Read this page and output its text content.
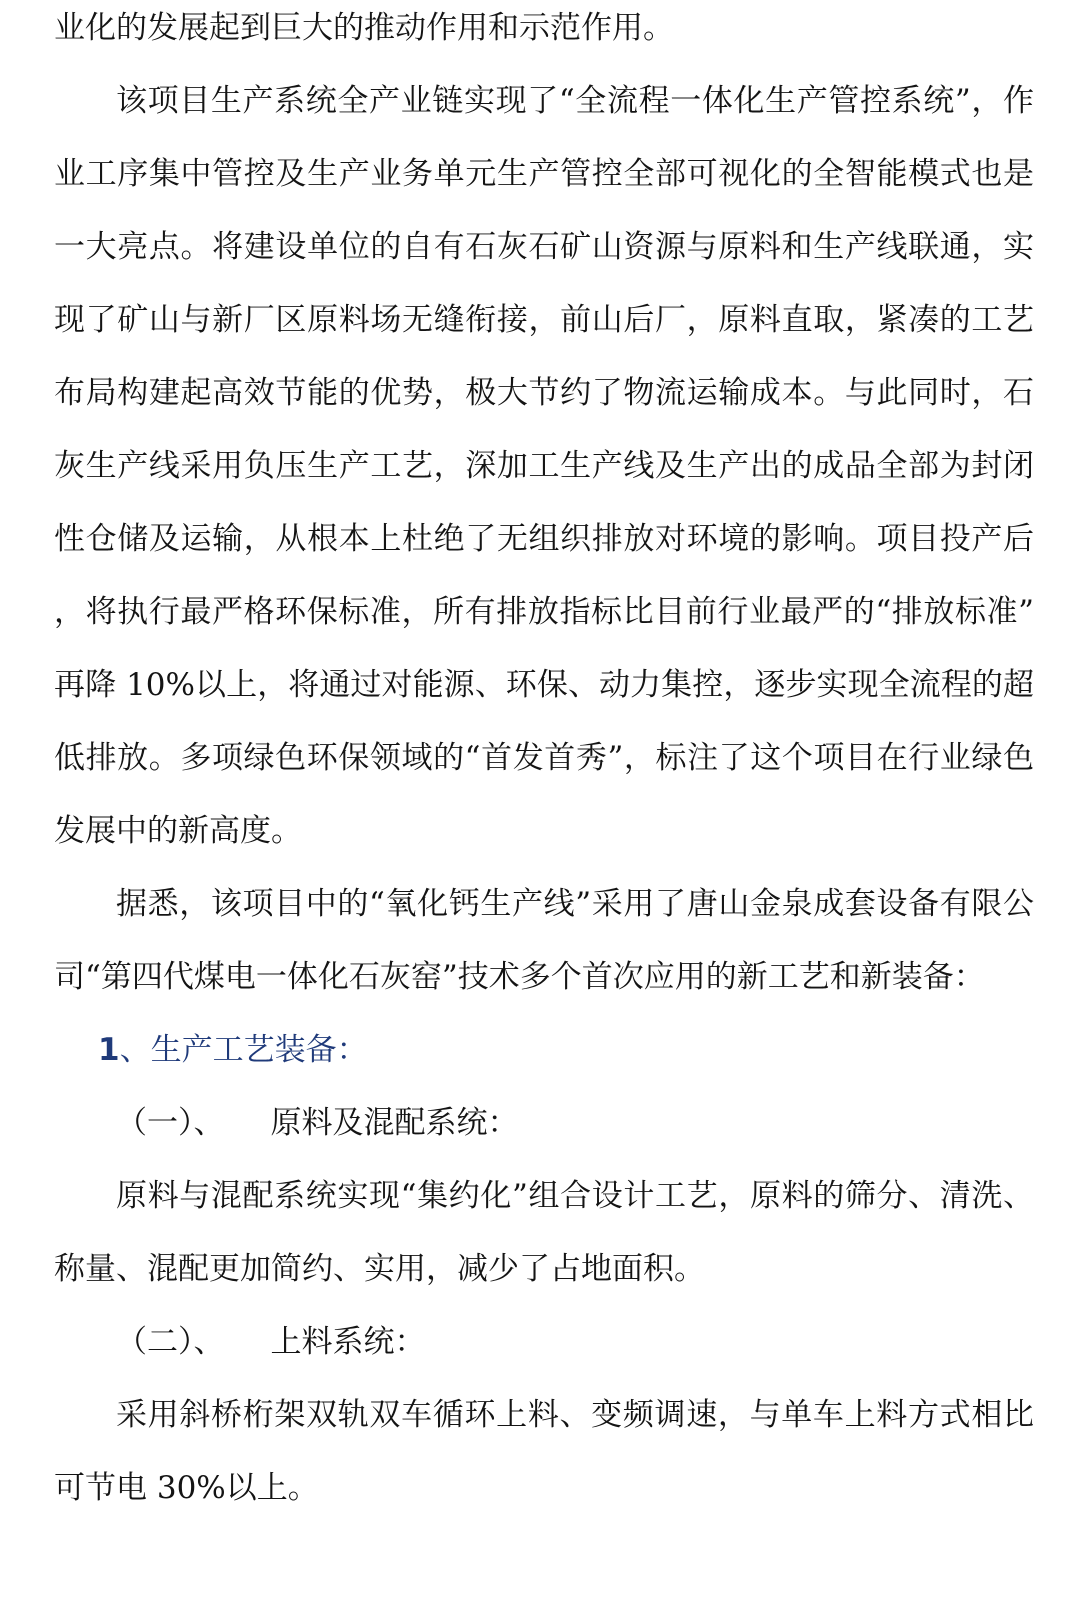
业化的发展起到巨大的推动作用和示范作用。

该项目生产系统全产业链实现了“全流程一体化生产管控系统”，作业工序集中管控及生产业务单元生产管控全部可视化的全智能模式也是一大亮点。将建设单位的自有石灰石矿山资源与原料和生产线联通，实现了矿山与新厂区原料场无缝衔接，前山后厂，原料直取，紧凑的工艺布局构建起高效节能的优势，极大节约了物流运输成本。与此同时，石灰生产线采用负压生产工艺，深加工生产线及生产出的成品全部为封闭性仓储及运输，从根本上杜绝了无组织排放对环境的影响。项目投产后，将执行最严格环保标准，所有排放指标比目前行业最严的“排放标准”再降 10%以上，将通过对能源、环保、动力集控，逐步实现全流程的超低排放。多项绿色环保领域的“首发首秀”，标注了这个项目在行业绿色发展中的新高度。

据悉，该项目中的“氧化钙生产线”采用了唐山金泉成套设备有限公司“第四代煤电一体化石灰窑”技术多个首次应用的新工艺和新装备：

1、生产工艺装备：

（一）、 原料及混配系统：

原料与混配系统实现“集约化”组合设计工艺，原料的筛分、清洗、称量、混配更加简约、实用，减少了占地面积。

（二）、 上料系统：

采用斜桥桁架双轨双车循环上料、变频调速，与单车上料方式相比可节电 30%以上。
